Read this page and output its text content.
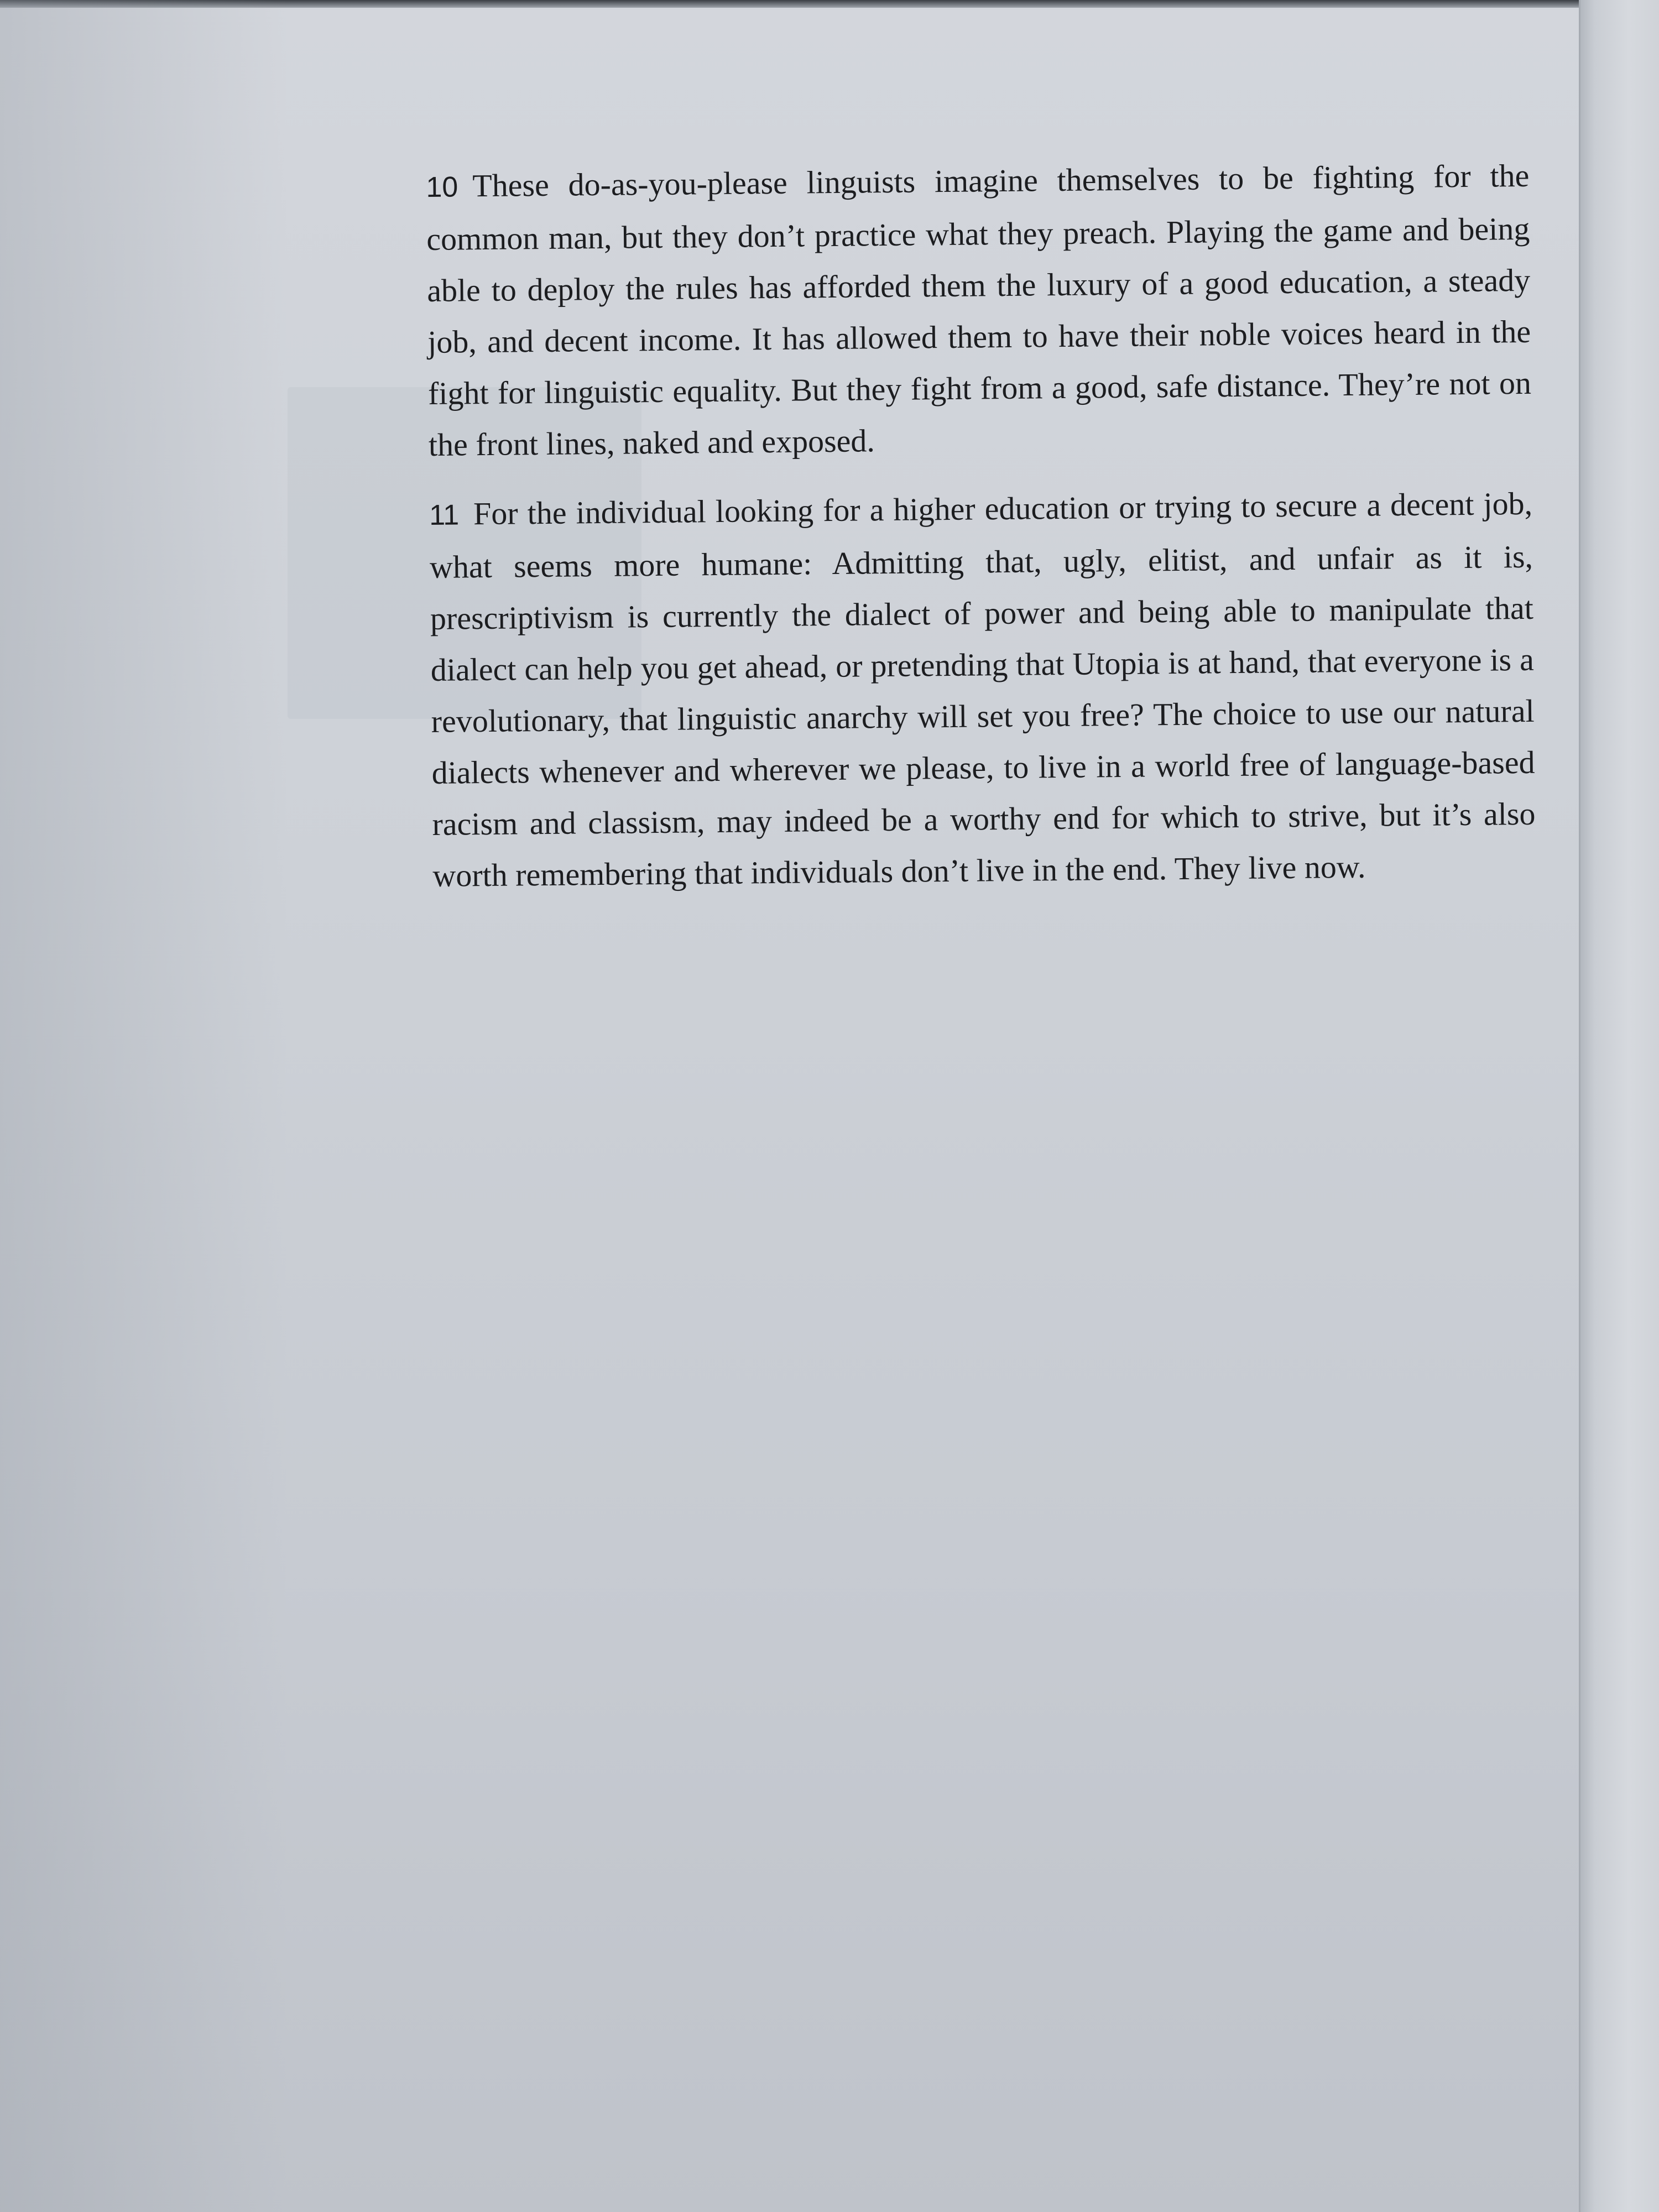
10 These do-as-you-please linguists imagine themselves to be fighting for the common man, but they don’t practice what they preach. Playing the game and being able to deploy the rules has afforded them the luxury of a good education, a steady job, and decent income. It has allowed them to have their noble voices heard in the fight for linguistic equality. But they fight from a good, safe distance. They’re not on the front lines, naked and exposed.

11 For the individual looking for a higher education or trying to secure a decent job, what seems more humane: Admitting that, ugly, elitist, and unfair as it is, prescriptivism is currently the dialect of power and being able to manipulate that dialect can help you get ahead, or pretending that Utopia is at hand, that everyone is a revolutionary, that linguistic anarchy will set you free? The choice to use our natural dialects whenever and wherever we please, to live in a world free of language-based racism and classism, may indeed be a worthy end for which to strive, but it’s also worth remembering that individuals don’t live in the end. They live now.
